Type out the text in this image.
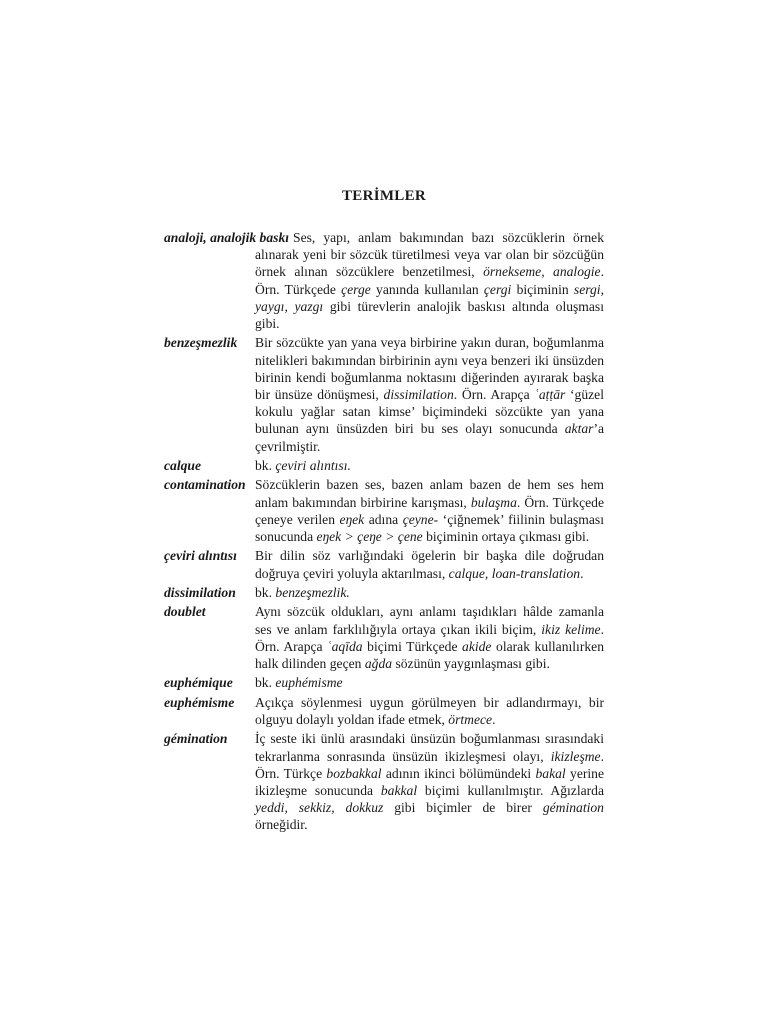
TERİMLER
analoji, analojik baskı Ses, yapı, anlam bakımından bazı sözcüklerin örnek alınarak yeni bir sözcük türetilmesi veya var olan bir sözcüğün örnek alınan sözcüklere benzetilmesi, örnekseme, analogie. Örn. Türkçede çerge yanında kullanılan çergi biçiminin sergi, yaygı, yazgı gibi türevlerin analojik baskısı altında oluşması gibi.

benzeşmezlik Bir sözcükte yan yana veya birbirine yakın duran, boğumlanma nitelikleri bakımından birbirinin aynı veya benzeri iki ünsüzden birinin kendi boğumlanma noktasını diğerinden ayırarak başka bir ünsüze dönüşmesi, dissimilation. Örn. Arapça ʿaṭṭār ‘güzel kokulu yağlar satan kimse’ biçimindeki sözcükte yan yana bulunan aynı ünsüzden biri bu ses olayı sonucunda aktar’a çevrilmiştir.

calque	bk. çeviri alıntısı.

contamination Sözcüklerin bazen ses, bazen anlam bazen de hem ses hem anlam bakımından birbirine karışması, bulaşma. Örn. Türkçede çeneye verilen eŋek adına çeyne- ‘çiğnemek’ fiilinin bulaşması sonucunda eŋek > çeŋe > çene biçiminin ortaya çıkması gibi.

çeviri alıntısı Bir dilin söz varlığındaki ögelerin bir başka dile doğrudan doğruya çeviri yoluyla aktarılması, calque, loan-translation.

dissimilation bk. benzeşmezlik.

doublet	Aynı sözcük oldukları, aynı anlamı taşıdıkları hâlde zamanla ses ve anlam farklılığıyla ortaya çıkan ikili biçim, ikiz kelime. Örn. Arapça ʿaqīda biçimi Türkçede akide olarak kullanılırken halk dilinden geçen ağda sözünün yaygınlaşması gibi.

euphémique bk. euphémisme

euphémisme Açıkça söylenmesi uygun görülmeyen bir adlandırmayı, bir olguyu dolaylı yoldan ifade etmek, örtmece.

gémination İç seste iki ünlü arasındaki ünsüzün boğumlanması sırasındaki tekrarlanma sonrasında ünsüzün ikizleşmesi olayı, ikizleşme. Örn. Türkçe bozbakkal adının ikinci bölümündeki bakal yerine ikizleşme sonucunda bakkal biçimi kullanılmıştır. Ağızlarda yeddi, sekkiz, dokkuz gibi biçimler de birer gémination örneğidir.
